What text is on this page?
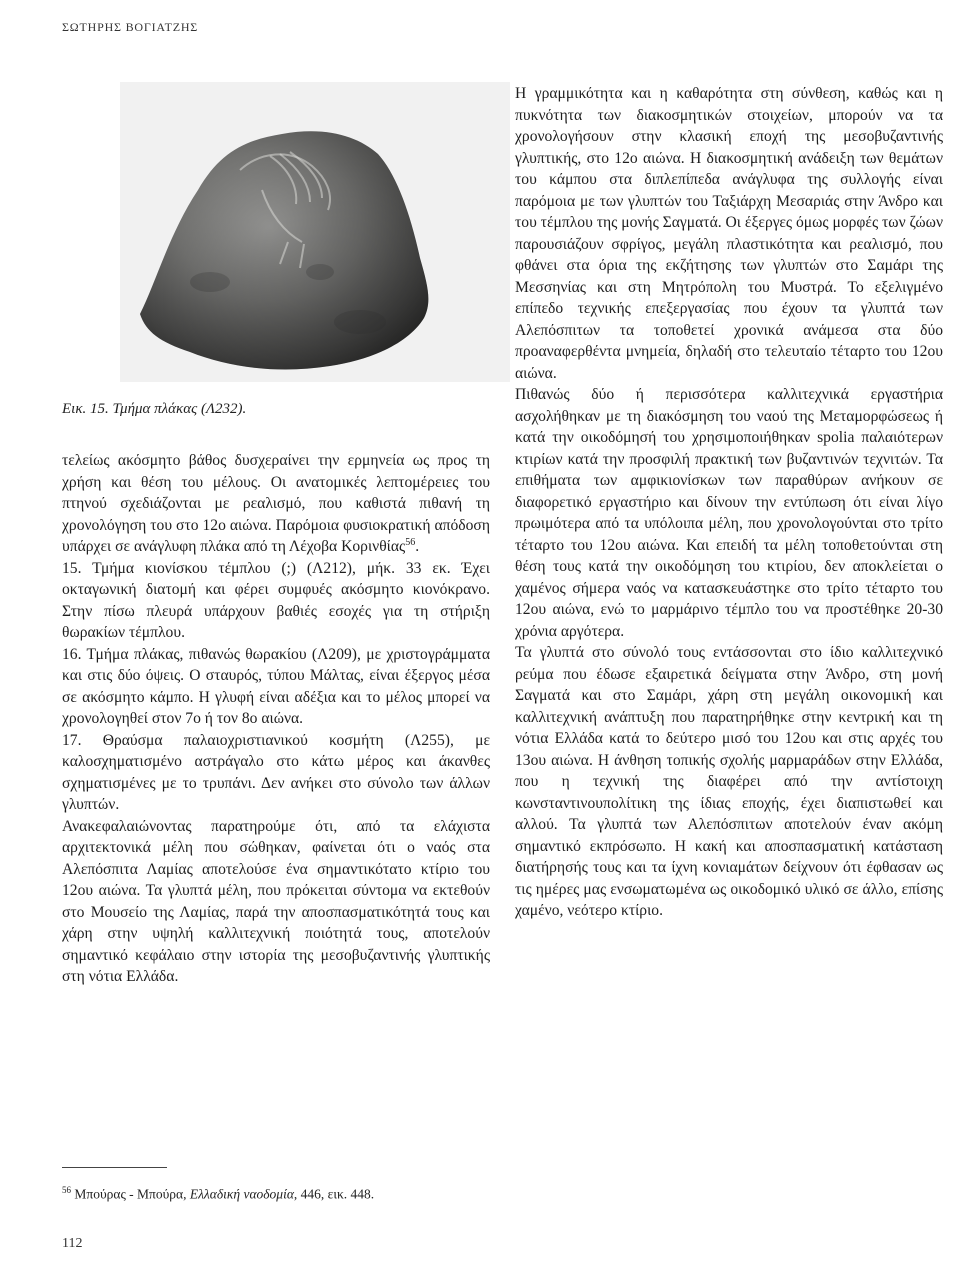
ΣΩΤΗΡΗΣ ΒΟΓΙΑΤΖΗΣ
Εικ. 15. Τμήμα πλάκας (Λ232).

τελείως ακόσμητο βάθος δυσχεραίνει την ερμηνεία ως προς τη χρήση και θέση του μέλους. Οι ανατομικές λεπτομέρειες του πτηνού σχεδιάζονται με ρεαλισμό, που καθιστά πιθανή τη χρονολόγηση του στο 12ο αιώνα. Παρόμοια φυσιοκρατική απόδοση υπάρχει σε ανάγλυφη πλάκα από τη Λέχοβα Κορινθίας$^{56}$.

15. Τμήμα κιονίσκου τέμπλου (;) (Λ212), μήκ. 33 εκ. Έχει οκταγωνική διατομή και φέρει συμφυές ακόσμητο κιονόκρανο. Στην πίσω πλευρά υπάρχουν βαθιές εσοχές για τη στήριξη θωρακίων τέμπλου.

16. Τμήμα πλάκας, πιθανώς θωρακίου (Λ209), με χριστογράμματα και στις δύο όψεις. Ο σταυρός, τύπου Μάλτας, είναι έξεργος μέσα σε ακόσμητο κάμπο. Η γλυφή είναι αδέξια και το μέλος μπορεί να χρονολογηθεί στον 7ο ή τον 8ο αιώνα.

17. Θραύσμα παλαιοχριστιανικού κοσμήτη (Λ255), με καλοσχηματισμένο αστράγαλο στο κάτω μέρος και άκανθες σχηματισμένες με το τρυπάνι. Δεν ανήκει στο σύνολο των άλλων γλυπτών.

Ανακεφαλαιώνοντας παρατηρούμε ότι, από τα ελάχιστα αρχιτεκτονικά μέλη που σώθηκαν, φαίνεται ότι ο ναός στα Αλεπόσπιτα Λαμίας αποτελούσε ένα σημαντικότατο κτίριο του 12ου αιώνα. Τα γλυπτά μέλη, που πρόκειται σύντομα να εκτεθούν στο Μουσείο της Λαμίας, παρά την αποσπασματικότητά τους και χάρη στην υψηλή καλλιτεχνική ποιότητά τους, αποτελούν σημαντικό κεφάλαιο στην ιστορία της μεσοβυζαντινής γλυπτικής στη νότια Ελλάδα.

Η γραμμικότητα και η καθαρότητα στη σύνθεση, καθώς και η πυκνότητα των διακοσμητικών στοιχείων, μπορούν να τα χρονολογήσουν στην κλασική εποχή της μεσοβυζαντινής γλυπτικής, στο 12ο αιώνα. Η διακοσμητική ανάδειξη των θεμάτων του κάμπου στα διπλεπίπεδα ανάγλυφα της συλλογής είναι παρόμοια με των γλυπτών του Ταξιάρχη Μεσαριάς στην Άνδρο και του τέμπλου της μονής Σαγματά. Οι έξεργες όμως μορφές των ζώων παρουσιάζουν σφρίγος, μεγάλη πλαστικότητα και ρεαλισμό, που φθάνει στα όρια της εκζήτησης των γλυπτών στο Σαμάρι της Μεσσηνίας και στη Μητρόπολη του Μυστρά. Το εξελιγμένο επίπεδο τεχνικής επεξεργασίας που έχουν τα γλυπτά των Αλεπόσπιτων τα τοποθετεί χρονικά ανάμεσα στα δύο προαναφερθέντα μνημεία, δηλαδή στο τελευταίο τέταρτο του 12ου αιώνα.

Πιθανώς δύο ή περισσότερα καλλιτεχνικά εργαστήρια ασχολήθηκαν με τη διακόσμηση του ναού της Μεταμορφώσεως ή κατά την οικοδόμησή του χρησιμοποιήθηκαν spolia παλαιότερων κτιρίων κατά την προσφιλή πρακτική των βυζαντινών τεχνιτών. Τα επιθήματα των αμφικιονίσκων των παραθύρων ανήκουν σε διαφορετικό εργαστήριο και δίνουν την εντύπωση ότι είναι λίγο πρωιμότερα από τα υπόλοιπα μέλη, που χρονολογούνται στο τρίτο τέταρτο του 12ου αιώνα. Και επειδή τα μέλη τοποθετούνται στη θέση τους κατά την οικοδόμηση του κτιρίου, δεν αποκλείεται ο χαμένος σήμερα ναός να κατασκευάστηκε στο τρίτο τέταρτο του 12ου αιώνα, ενώ το μαρμάρινο τέμπλο του να προστέθηκε 20-30 χρόνια αργότερα.

Τα γλυπτά στο σύνολό τους εντάσσονται στο ίδιο καλλιτεχνικό ρεύμα που έδωσε εξαιρετικά δείγματα στην Άνδρο, στη μονή Σαγματά και στο Σαμάρι, χάρη στη μεγάλη οικονομική και καλλιτεχνική ανάπτυξη που παρατηρήθηκε στην κεντρική και τη νότια Ελλάδα κατά το δεύτερο μισό του 12ου και στις αρχές του 13ου αιώνα. Η άνθηση τοπικής σχολής μαρμαράδων στην Ελλάδα, που η τεχνική της διαφέρει από την αντίστοιχη κωνσταντινουπολίτικη της ίδιας εποχής, έχει διαπιστωθεί και αλλού. Τα γλυπτά των Αλεπόσπιτων αποτελούν έναν ακόμη σημαντικό εκπρόσωπο. Η κακή και αποσπασματική κατάσταση διατήρησής τους και τα ίχνη κονιαμάτων δείχνουν ότι έφθασαν ως τις ημέρες μας ενσωματωμένα ως οικοδομικό υλικό σε άλλο, επίσης χαμένο, νεότερο κτίριο.

$^{56}$ Μπούρας - Μπούρα, Ελλαδική ναοδομία, 446, εικ. 448.
112
